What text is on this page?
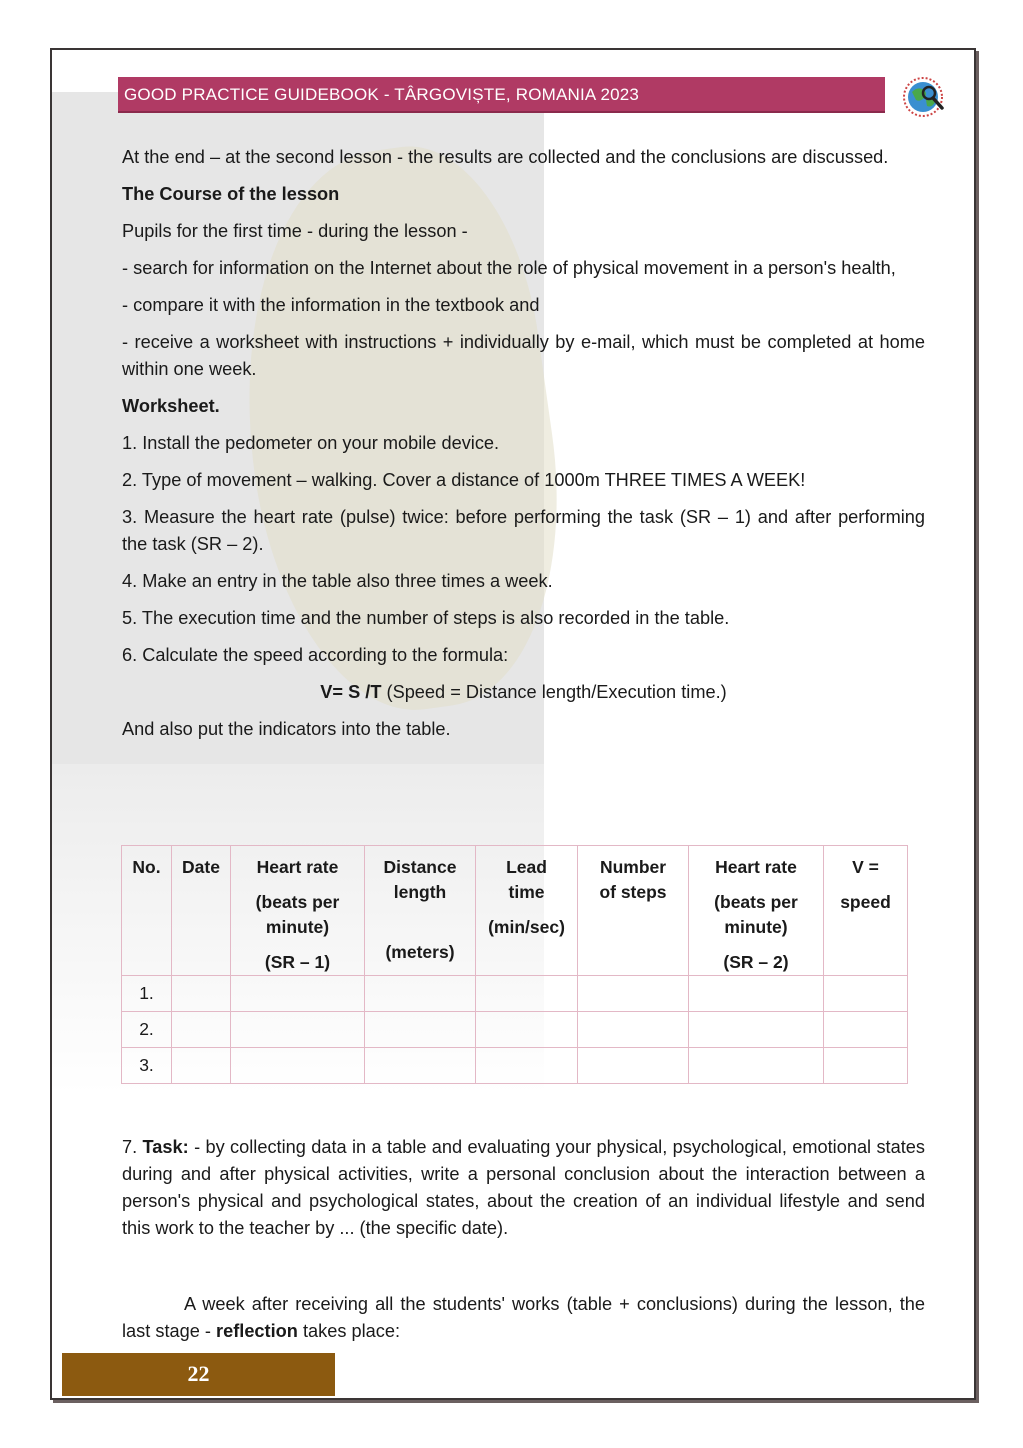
GOOD PRACTICE GUIDEBOOK - TÂRGOVIȘTE, ROMANIA 2023

At the end – at the second lesson - the results are collected and the conclusions are discussed.

The Course of the lesson

Pupils for the first time - during the lesson -

- search for information on the Internet about the role of physical movement in a person's health,

- compare it with the information in the textbook and

- receive a worksheet with instructions + individually by e-mail, which must be completed at home within one week.

Worksheet.

1. Install the pedometer on your mobile device.

2. Type of movement – walking. Cover a distance of 1000m THREE TIMES A WEEK!

3. Measure the heart rate (pulse) twice: before performing the task (SR – 1) and after performing the task (SR – 2).

4. Make an entry in the table also three times a week.

5. The execution time and the number of steps is also recorded in the table.

6. Calculate the speed according to the formula:

V= S /T (Speed = Distance length/Execution time.)

And also put the indicators into the table.

No.	Date	Heart rate
(beats per minute)
(SR – 1)	Distance length
(meters)	Lead time
(min/sec)	Number of steps	Heart rate
(beats per minute)
(SR – 2)	V =
speed
1.							
2.							
3.							
7. Task: - by collecting data in a table and evaluating your physical, psychological, emotional states during and after physical activities, write a personal conclusion about the interaction between a person's physical and psychological states, about the creation of an individual lifestyle and send this work to the teacher by ... (the specific date).
A week after receiving all the students' works (table + conclusions) during the lesson, the last stage - reflection takes place:
22
